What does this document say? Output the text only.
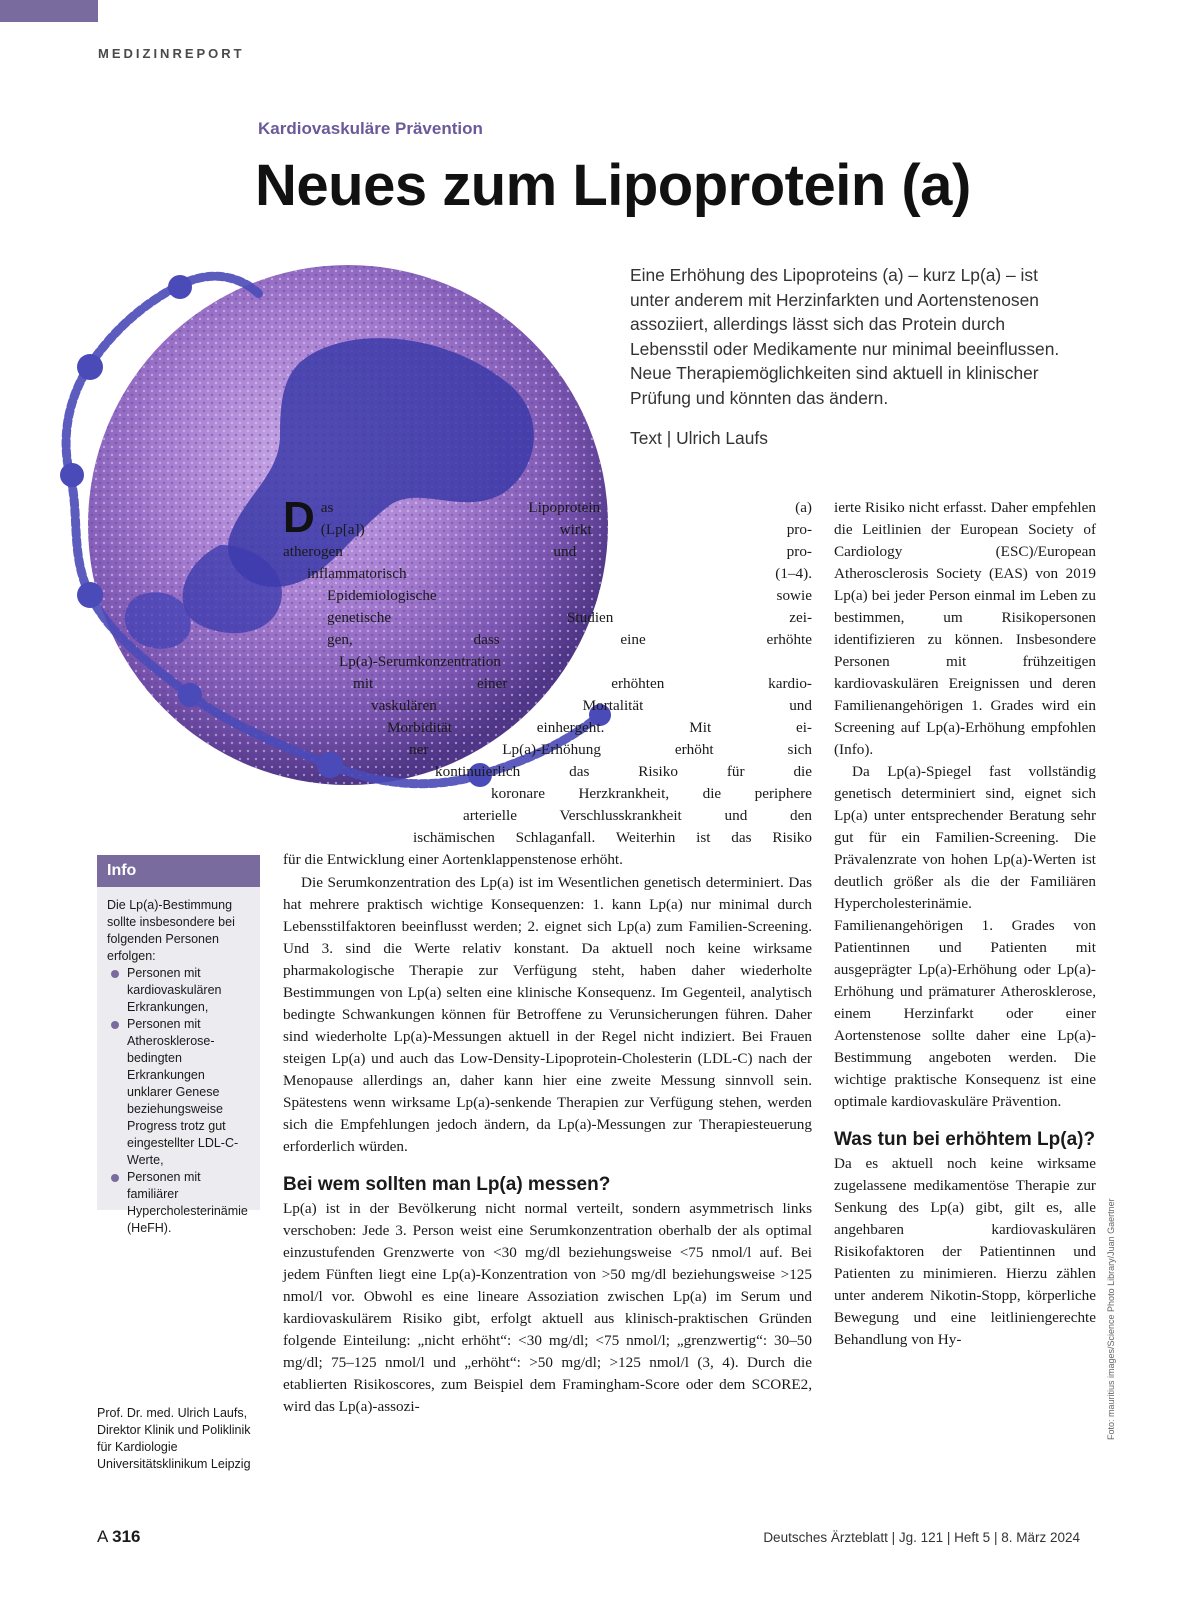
MEDIZINREPORT
Kardiovaskuläre Prävention
Neues zum Lipoprotein (a)

Eine Erhöhung des Lipoproteins (a) – kurz Lp(a) – ist unter anderem mit Herzinfarkten und Aortenstenosen assoziiert, allerdings lässt sich das Protein durch Lebensstil oder Medikamente nur minimal beeinflussen. Neue Therapiemöglichkeiten sind aktuell in klinischer Prüfung und könnten das ändern.

Text | Ulrich Laufs
D as Lipoprotein (a)
(Lp[a]) wirkt pro-
atherogen und pro-
inflammatorisch (1–4).
Epidemiologische sowie
genetische Studien zei-
gen, dass eine erhöhte
Lp(a)-Serumkonzentration
mit einer erhöhten kardio-
vaskulären Mortalität und
Morbidität einhergeht. Mit ei-
ner Lp(a)-Erhöhung erhöht sich
kontinuierlich das Risiko für die
koronare Herzkrankheit, die periphere
arterielle Verschlusskrankheit und den
ischämischen Schlaganfall. Weiterhin ist das Risiko
für die Entwicklung einer Aortenklappenstenose erhöht.

Die Serumkonzentration des Lp(a) ist im Wesentlichen genetisch determiniert. Das hat mehrere praktisch wichtige Konsequenzen: 1. kann Lp(a) nur minimal durch Lebensstilfaktoren beeinflusst werden; 2. eignet sich Lp(a) zum Familien-Screening. Und 3. sind die Werte relativ konstant. Da aktuell noch keine wirksame pharmakologische Therapie zur Verfügung steht, haben daher wiederholte Bestimmungen von Lp(a) selten eine klinische Konsequenz. Im Gegenteil, analytisch bedingte Schwankungen können für Betroffene zu Verunsicherungen führen. Daher sind wiederholte Lp(a)-Messungen aktuell in der Regel nicht indiziert. Bei Frauen steigen Lp(a) und auch das Low-Density-Lipoprotein-Cholesterin (LDL-C) nach der Menopause allerdings an, daher kann hier eine zweite Messung sinnvoll sein. Spätestens wenn wirksame Lp(a)-senkende Therapien zur Verfügung stehen, werden sich die Empfehlungen jedoch ändern, da Lp(a)-Messungen zur Therapiesteuerung erforderlich würden.

Bei wem sollten man Lp(a) messen?

Lp(a) ist in der Bevölkerung nicht normal verteilt, sondern asymmetrisch links verschoben: Jede 3. Person weist eine Serumkonzentration oberhalb der als optimal einzustufenden Grenzwerte von <30 mg/dl beziehungsweise <75 nmol/l auf. Bei jedem Fünften liegt eine Lp(a)-Konzentration von >50 mg/dl beziehungsweise >125 nmol/l vor. Obwohl es eine lineare Assoziation zwischen Lp(a) im Serum und kardiovaskulärem Risiko gibt, erfolgt aktuell aus klinisch-praktischen Gründen folgende Einteilung: „nicht erhöht“: <30 mg/dl; <75 nmol/l; „grenzwertig“: 30–50 mg/dl; 75–125 nmol/l und „erhöht“: >50 mg/dl; >125 nmol/l (3, 4). Durch die etablierten Risikoscores, zum Beispiel dem Framingham-Score oder dem SCORE2, wird das Lp(a)-assozi-

ierte Risiko nicht erfasst. Daher empfehlen die Leitlinien der European Society of Cardiology (ESC)/European Atherosclerosis Society (EAS) von 2019 Lp(a) bei jeder Person einmal im Leben zu bestimmen, um Risikopersonen identifizieren zu können. Insbesondere Personen mit frühzeitigen kardiovaskulären Ereignissen und deren Familienangehörigen 1. Grades wird ein Screening auf Lp(a)-Erhöhung empfohlen (Info).

Da Lp(a)-Spiegel fast vollständig genetisch determiniert sind, eignet sich Lp(a) unter entsprechender Beratung sehr gut für ein Familien-Screening. Die Prävalenzrate von hohen Lp(a)-Werten ist deutlich größer als die der Familiären Hypercholesterinämie. Familienangehörigen 1. Grades von Patientinnen und Patienten mit ausgeprägter Lp(a)-Erhöhung oder Lp(a)-Erhöhung und prämaturer Atherosklerose, einem Herzinfarkt oder einer Aortenstenose sollte daher eine Lp(a)-Bestimmung angeboten werden. Die wichtige praktische Konsequenz ist eine optimale kardiovaskuläre Prävention.

Was tun bei erhöhtem Lp(a)?

Da es aktuell noch keine wirksame zugelassene medikamentöse Therapie zur Senkung des Lp(a) gibt, gilt es, alle angehbaren kardiovaskulären Risikofaktoren der Patientinnen und Patienten zu minimieren. Hierzu zählen unter anderem Nikotin-Stopp, körperliche Bewegung und eine leitliniengerechte Behandlung von Hy-

Info
Die Lp(a)-Bestimmung sollte insbesondere bei folgenden Personen erfolgen:
Personen mit kardiovaskulären Erkrankungen,
Personen mit Atherosklerose-bedingten Erkrankungen unklarer Genese beziehungsweise Progress trotz gut eingestellter LDL-C-Werte,
Personen mit familiärer Hypercholesterinämie (HeFH).
Prof. Dr. med. Ulrich Laufs, Direktor Klinik und Poliklinik für Kardiologie Universitätsklinikum Leipzig
Foto: mauritius images/Science Photo Library/Juan Gaertner
A 316	Deutsches Ärzteblatt | Jg. 121 | Heft 5 | 8. März 2024
